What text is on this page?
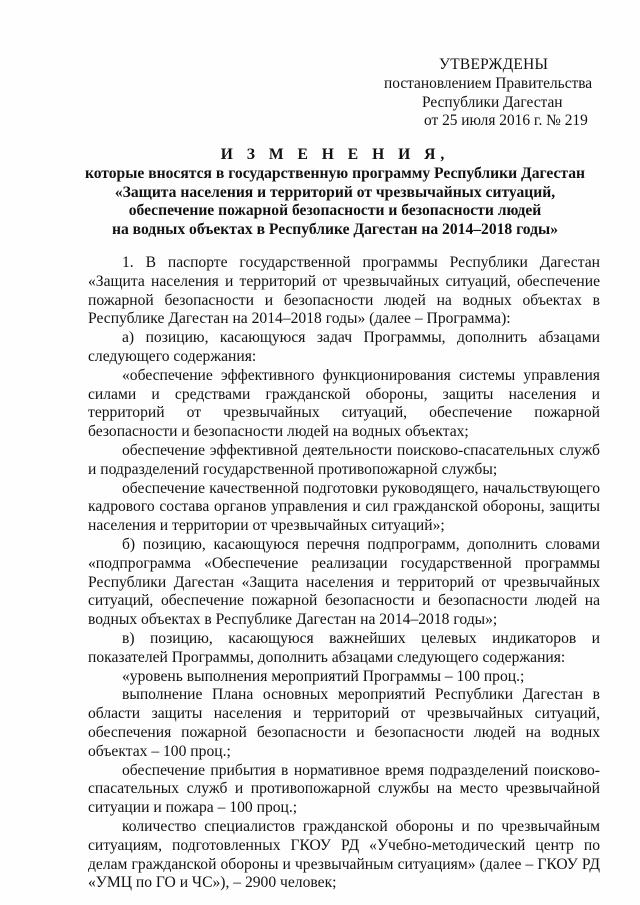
УТВЕРЖДЕНЫ
постановлением Правительства
Республики Дагестан
от 25 июля 2016 г. № 219
И З М Е Н Е Н И Я,
которые вносятся в государственную программу Республики Дагестан
«Защита населения и территорий от чрезвычайных ситуаций,
обеспечение пожарной безопасности и безопасности людей
на водных объектах в Республике Дагестан на 2014–2018 годы»

1. В паспорте государственной программы Республики Дагестан «Защита населения и территорий от чрезвычайных ситуаций, обеспечение пожарной безопасности и безопасности людей на водных объектах в Республике Дагестан на 2014–2018 годы» (далее – Программа):

а) позицию, касающуюся задач Программы, дополнить абзацами следующего содержания:

«обеспечение эффективного функционирования системы управления силами и средствами гражданской обороны, защиты населения и территорий от чрезвычайных ситуаций, обеспечение пожарной безопасности и безопасности людей на водных объектах;

обеспечение эффективной деятельности поисково-спасательных служб и подразделений государственной противопожарной службы;

обеспечение качественной подготовки руководящего, начальствующего кадрового состава органов управления и сил гражданской обороны, защиты населения и территории от чрезвычайных ситуаций»;

б) позицию, касающуюся перечня подпрограмм, дополнить словами «подпрограмма «Обеспечение реализации государственной программы Республики Дагестан «Защита населения и территорий от чрезвычайных ситуаций, обеспечение пожарной безопасности и безопасности людей на водных объектах в Республике Дагестан на 2014–2018 годы»;

в) позицию, касающуюся важнейших целевых индикаторов и показателей Программы, дополнить абзацами следующего содержания:

«уровень выполнения мероприятий Программы – 100 проц.;

выполнение Плана основных мероприятий Республики Дагестан в области защиты населения и территорий от чрезвычайных ситуаций, обеспечения пожарной безопасности и безопасности людей на водных объектах – 100 проц.;

обеспечение прибытия в нормативное время подразделений поисково-спасательных служб и противопожарной службы на место чрезвычайной ситуации и пожара – 100 проц.;

количество специалистов гражданской обороны и по чрезвычайным ситуациям, подготовленных ГКОУ РД «Учебно-методический центр по делам гражданской обороны и чрезвычайным ситуациям» (далее – ГКОУ РД «УМЦ по ГО и ЧС»), – 2900 человек;
